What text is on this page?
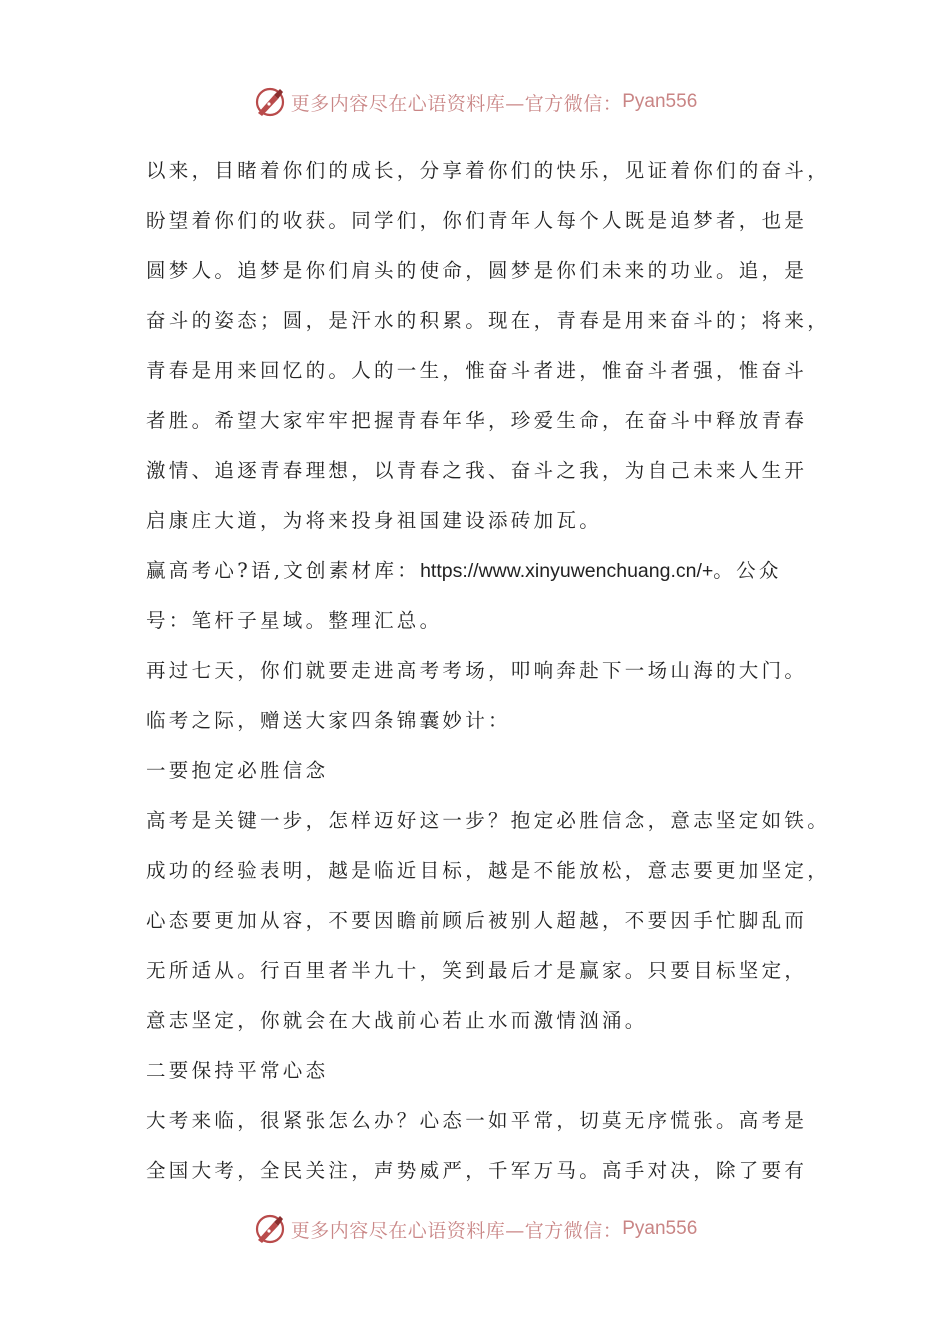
更多内容尽在心语资料库—官方微信： Pyan556
以来，目睹着你们的成长，分享着你们的快乐，见证着你们的奋斗，
盼望着你们的收获。同学们，你们青年人每个人既是追梦者，也是
圆梦人。追梦是你们肩头的使命，圆梦是你们未来的功业。追，是
奋斗的姿态；圆，是汗水的积累。现在，青春是用来奋斗的；将来，
青春是用来回忆的。人的一生，惟奋斗者进，惟奋斗者强，惟奋斗
者胜。希望大家牢牢把握青春年华，珍爱生命，在奋斗中释放青春
激情、追逐青春理想，以青春之我、奋斗之我，为自己未来人生开
启康庄大道，为将来投身祖国建设添砖加瓦。
赢高考心?语,文创素材库：https://www.xinyuwenchuang.cn/+。公众
号：笔杆子星域。整理汇总。
再过七天，你们就要走进高考考场，叩响奔赴下一场山海的大门。
临考之际，赠送大家四条锦囊妙计：
一要抱定必胜信念
高考是关键一步，怎样迈好这一步？抱定必胜信念，意志坚定如铁。
成功的经验表明，越是临近目标，越是不能放松，意志要更加坚定，
心态要更加从容，不要因瞻前顾后被别人超越，不要因手忙脚乱而
无所适从。行百里者半九十，笑到最后才是赢家。只要目标坚定，
意志坚定，你就会在大战前心若止水而激情汹涌。
二要保持平常心态
大考来临，很紧张怎么办？心态一如平常，切莫无序慌张。高考是
全国大考，全民关注，声势威严，千军万马。高手对决，除了要有
更多内容尽在心语资料库—官方微信： Pyan556
